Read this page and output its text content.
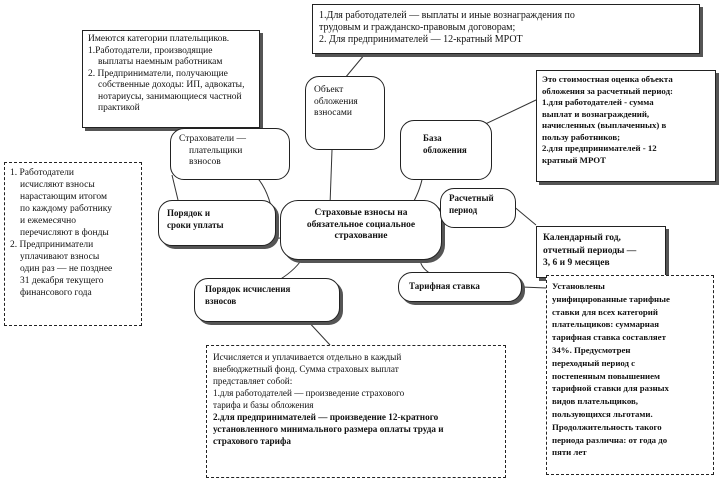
Страховые взносы на
обязательное социальное
страхование
Имеются категории плательщиков.
1.Работодатели, производящие
выплаты наемным работникам
2. Предприниматели, получающие
собственные доходы: ИП, адвокаты,
нотариусы, занимающиеся частной
практикой
1.Для работодателей — выплаты и иные вознаграждения по
трудовым и гражданско-правовым договорам;
2. Для предпринимателей — 12-кратный МРОТ
Объект
обложения
взносами
Страхователи —
плательщики
взносов
База
обложения
Это стоимостная оценка объекта
обложения за расчетный период:
1.для работодателей - сумма
выплат и вознаграждений,
начисленных (выплаченных) в
пользу работников;
2.для предпринимателей - 12
кратный МРОТ
Расчетный
период
Календарный год,
отчетный периоды —
3, 6 и 9 месяцев
1. Работодатели
исчисляют взносы
нарастающим итогом
по каждому работнику
и ежемесячно
перечисляют в фонды
2. Предприниматели
уплачивают взносы
один раз — не позднее
31 декабря текущего
финансового года
Порядок и
сроки уплаты
Порядок исчисления
взносов
Тарифная ставка
Исчисляется и уплачивается отдельно в каждый
внебюджетный фонд. Сумма страховых выплат
представляет собой:
1.для работодателей — произведение страхового
тарифа и базы обложения
2.для предпринимателей — произведение 12-кратного
установленного минимального размера оплаты труда и
страхового тарифа
Установлены
унифицированные тарифные
ставки для всех категорий
плательщиков: суммарная
тарифная ставка составляет
34%. Предусмотрен
переходный период с
постепенным повышением
тарифной ставки для разных
видов плательщиков,
пользующихся льготами.
Продолжительность такого
периода различна: от года до
пяти лет
